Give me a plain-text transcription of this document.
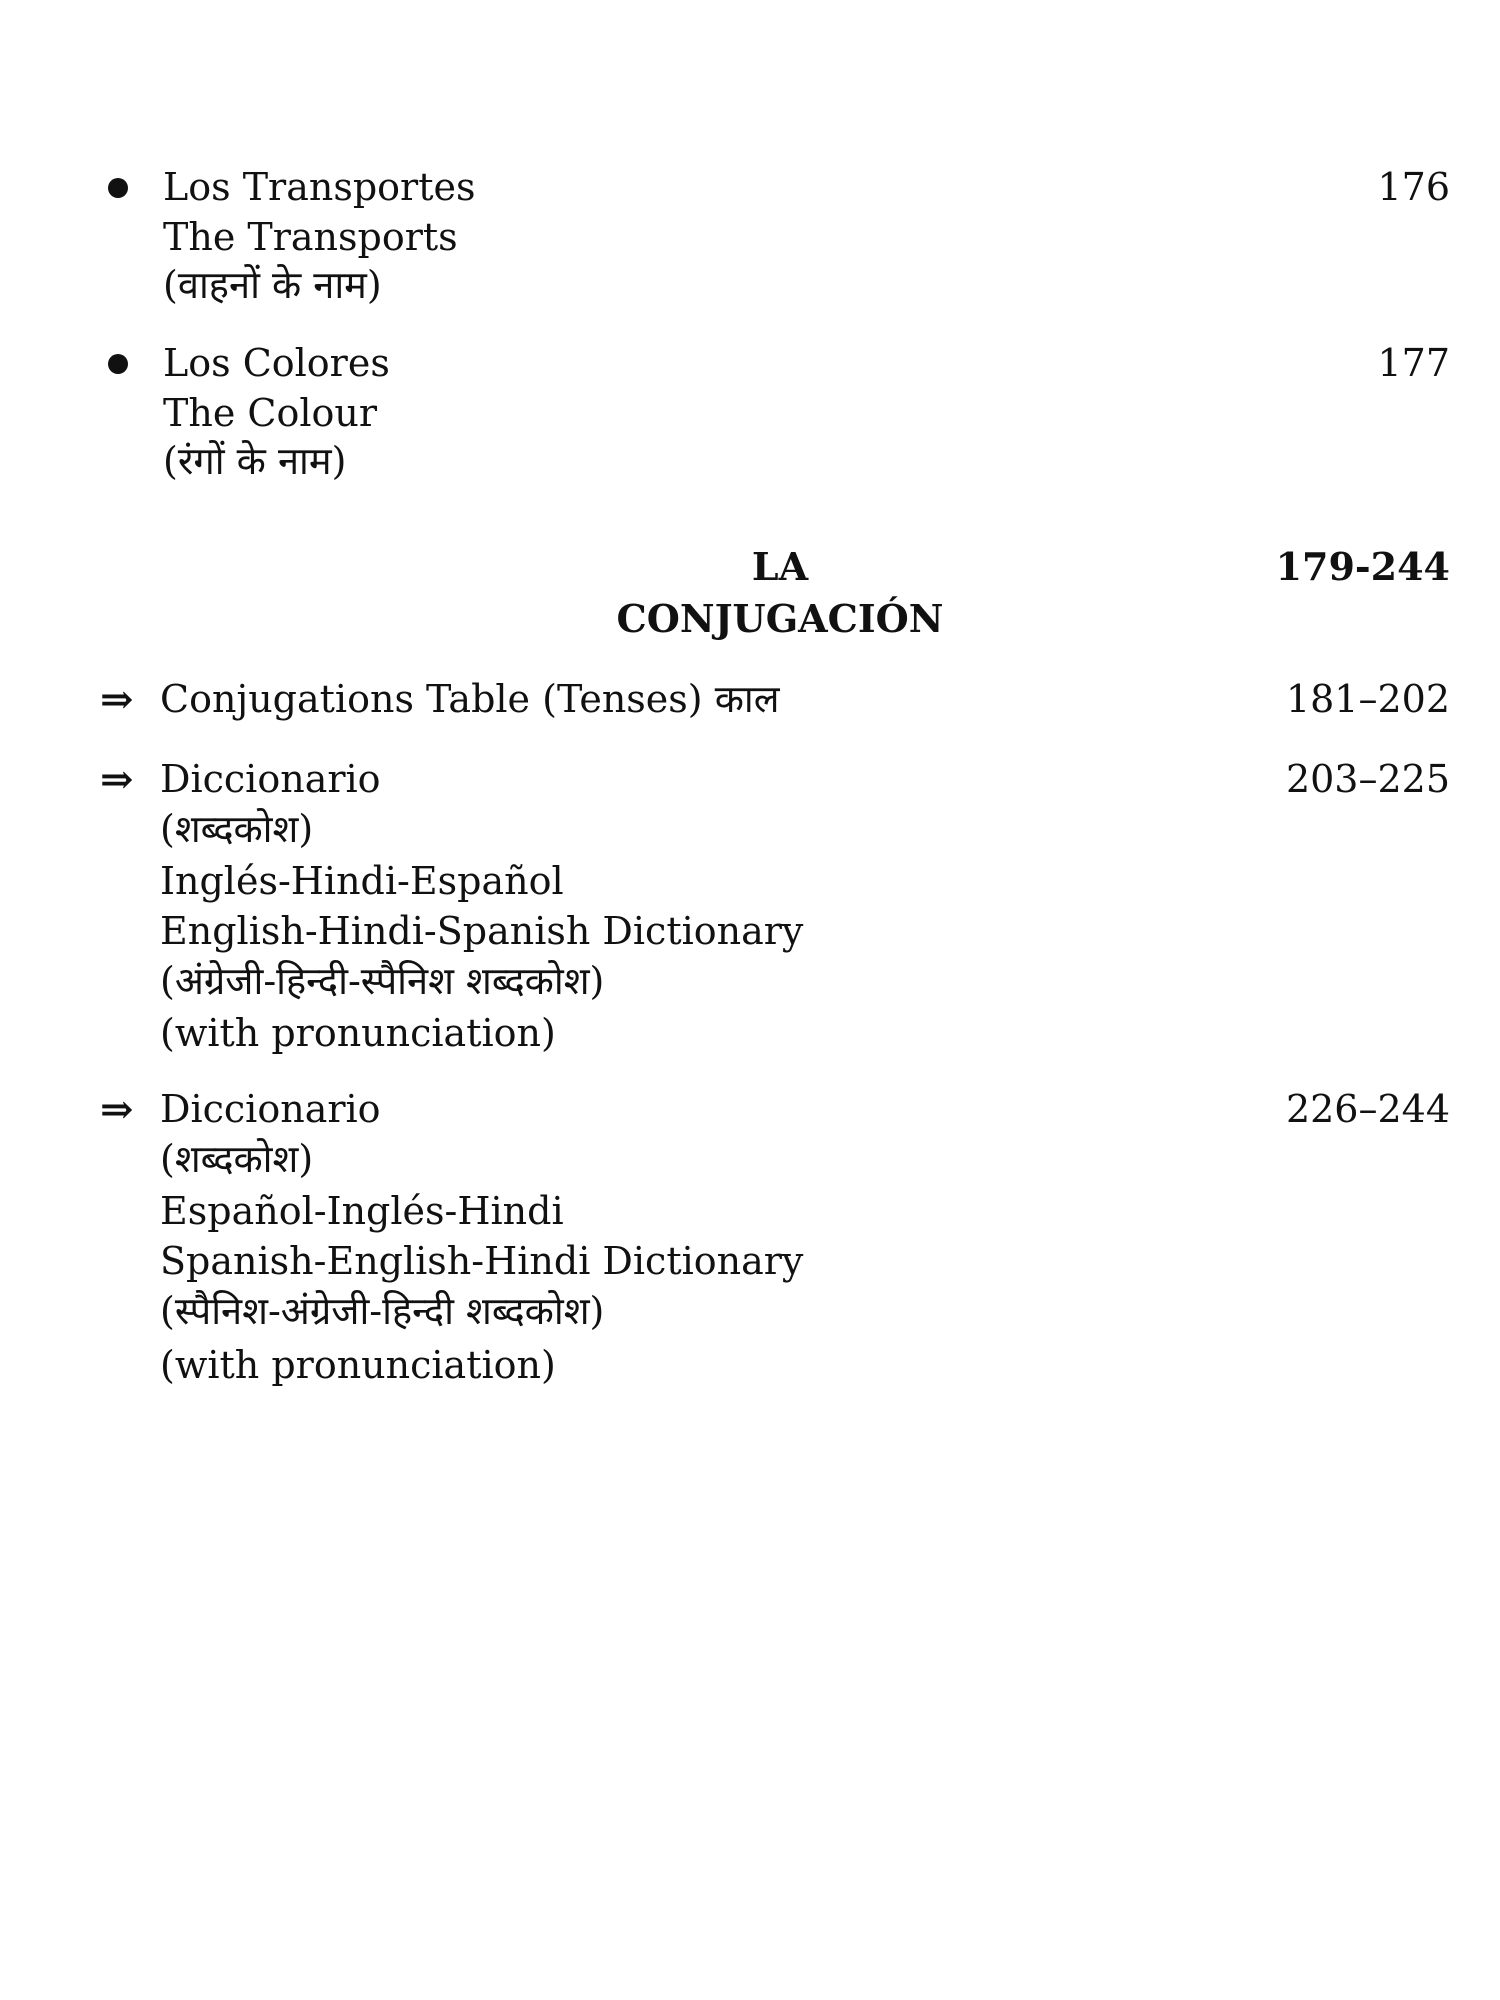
Los Transportes
The Transports
(वाहनों के नाम)
176
Los Colores
The Colour
(रंगों के नाम)
177
LA
CONJUGACIÓN
179-244
⇒ Conjugations Table (Tenses) काल	181–202
⇒ Diccionario
(शब्दकोश)
Inglés-Hindi-Español
English-Hindi-Spanish Dictionary
(अंग्रेजी-हिन्दी-स्पैनिश शब्दकोश)
(with pronunciation)
203–225
⇒ Diccionario
(शब्दकोश)
Español-Inglés-Hindi
Spanish-English-Hindi Dictionary
(स्पैनिश-अंग्रेजी-हिन्दी शब्दकोश)
(with pronunciation)
226–244
